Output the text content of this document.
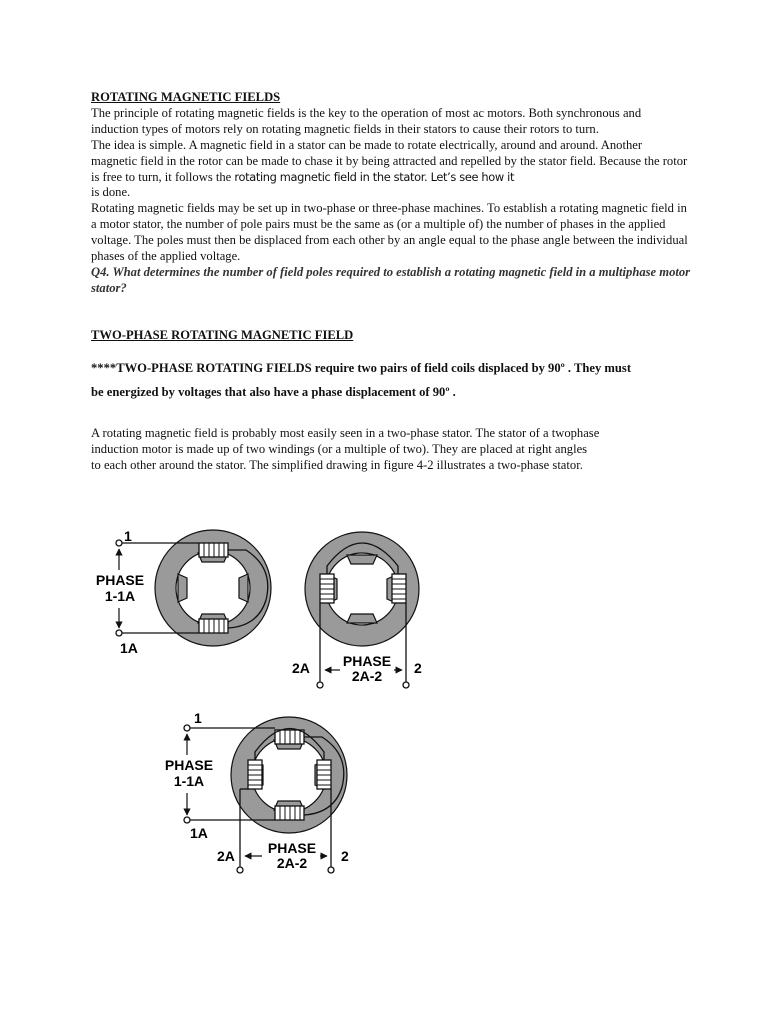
ROTATING MAGNETIC FIELDS

The principle of rotating magnetic fields is the key to the operation of most ac motors. Both synchronous and induction types of motors rely on rotating magnetic fields in their stators to cause their rotors to turn.

The idea is simple. A magnetic field in a stator can be made to rotate electrically, around and around. Another magnetic field in the rotor can be made to chase it by being attracted and repelled by the stator field. Because the rotor is free to turn, it follows the rotating magnetic field in the stator. Let’s see how it
is done.

Rotating magnetic fields may be set up in two-phase or three-phase machines. To establish a rotating magnetic field in a motor stator, the number of pole pairs must be the same as (or a multiple of) the number of phases in the applied voltage. The poles must then be displaced from each other by an angle equal to the phase angle between the individual phases of the applied voltage.

Q4. What determines the number of field poles required to establish a rotating magnetic field in a multiphase motor stator?

TWO-PHASE ROTATING MAGNETIC FIELD

****TWO-PHASE ROTATING FIELDS require two pairs of field coils displaced by 90º . They must

be energized by voltages that also have a phase displacement of 90º .

A rotating magnetic field is probably most easily seen in a two-phase stator. The stator of a twophase

induction motor is made up of two windings (or a multiple of two). They are placed at right angles

to each other around the stator. The simplified drawing in figure 4-2 illustrates a two-phase stator.

1
1A
PHASE
1-1A
2A	2
PHASE
2A-2
1
1A
PHASE
1-1A
2A	2
PHASE
2A-2
